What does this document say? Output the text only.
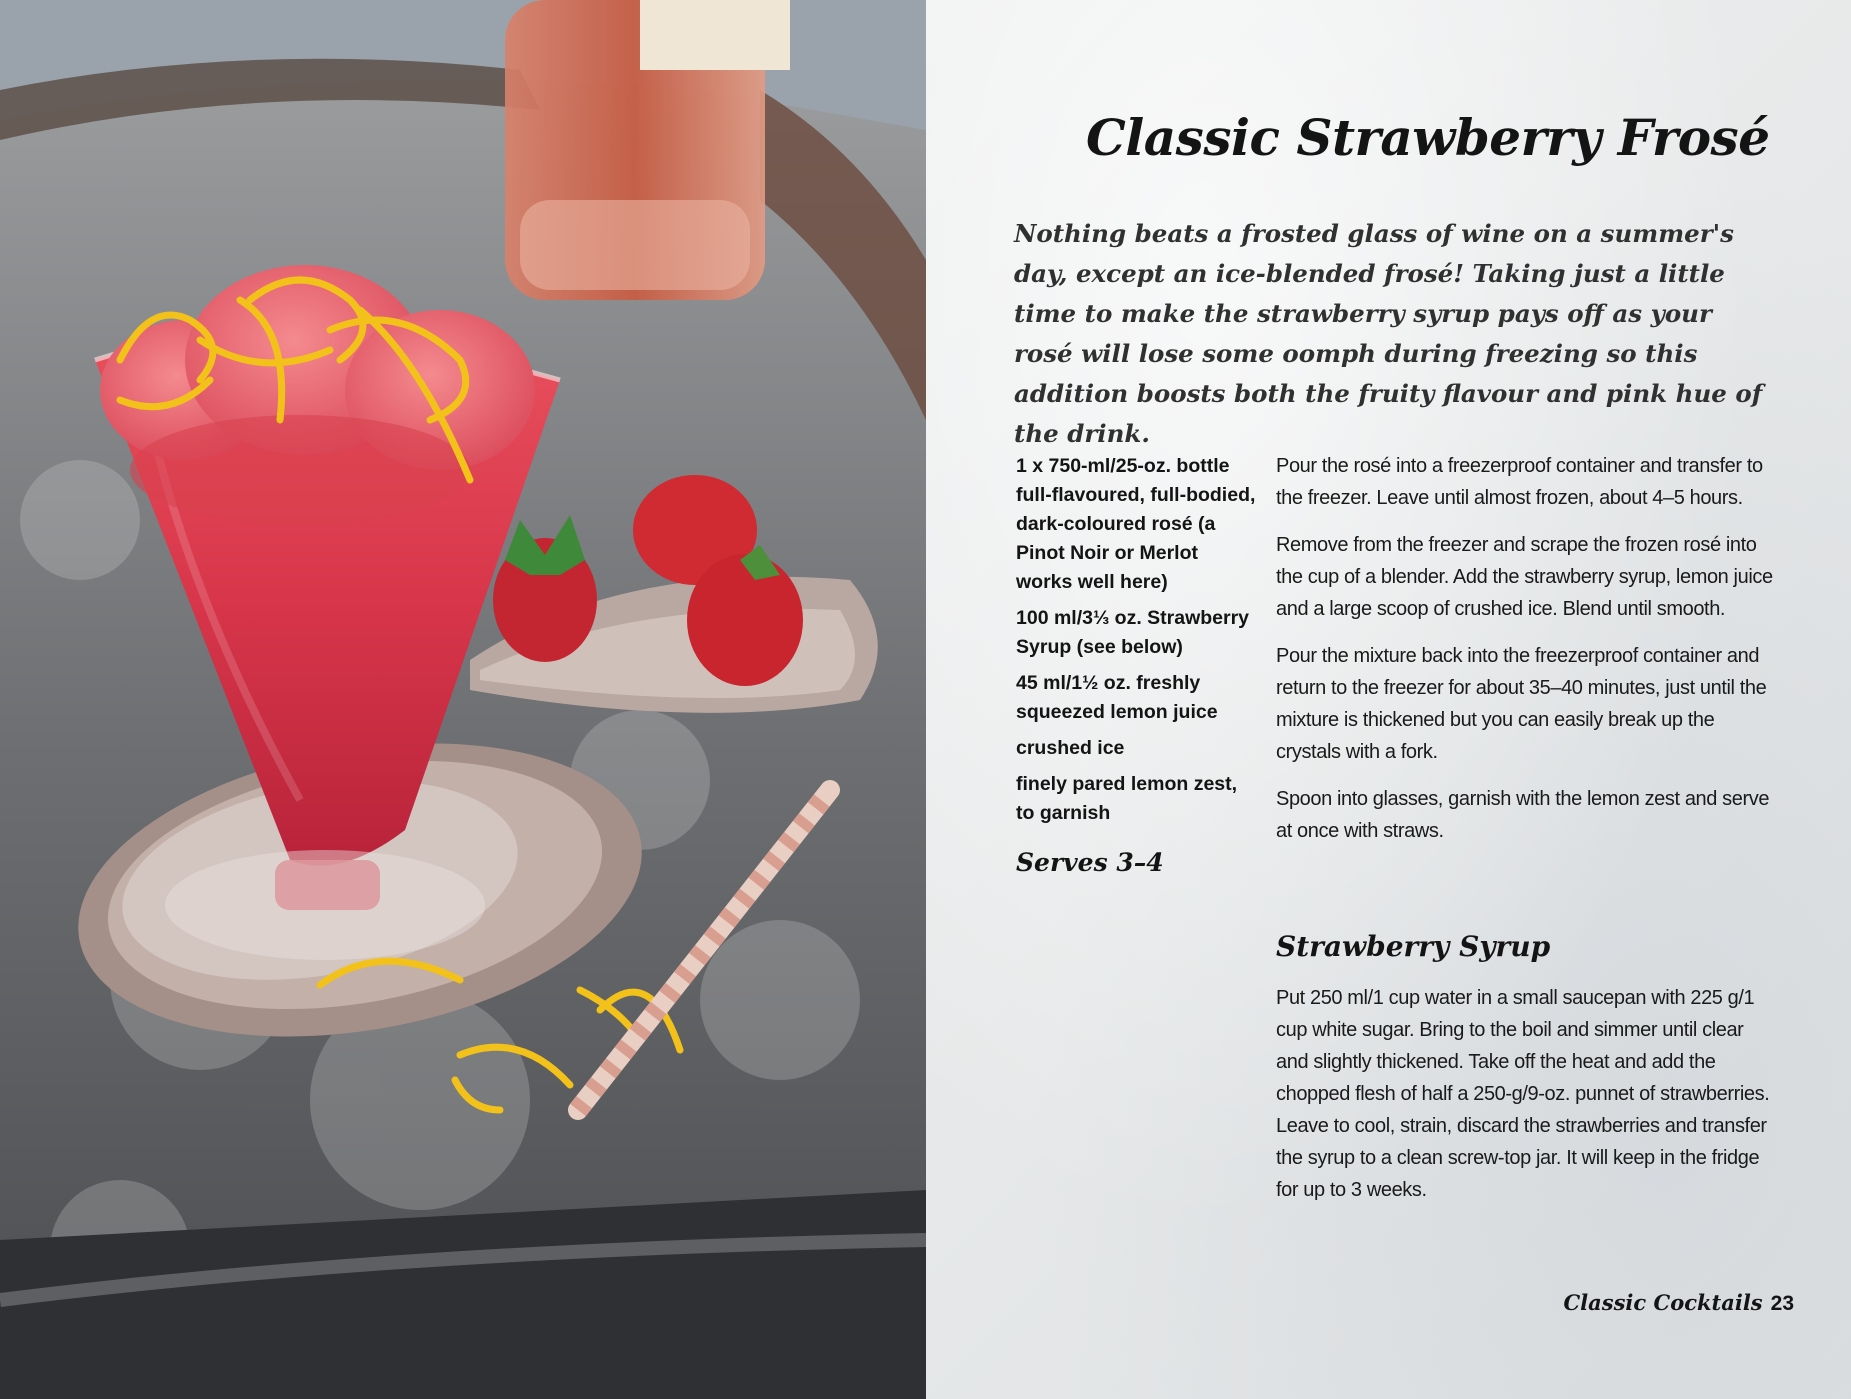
Classic Strawberry Frosé

Nothing beats a frosted glass of wine on a summer's day, except an ice-blended frosé! Taking just a little time to make the strawberry syrup pays off as your rosé will lose some oomph during freezing so this addition boosts both the fruity flavour and pink hue of the drink.

1 x 750-ml/25-oz. bottle full-flavoured, full-bodied, dark-coloured rosé (a Pinot Noir or Merlot works well here)
100 ml/3⅓ oz. Strawberry Syrup (see below)
45 ml/1½ oz. freshly squeezed lemon juice
crushed ice
finely pared lemon zest, to garnish
Serves 3–4

Pour the rosé into a freezerproof container and transfer to the freezer. Leave until almost frozen, about 4–5 hours.

Remove from the freezer and scrape the frozen rosé into the cup of a blender. Add the strawberry syrup, lemon juice and a large scoop of crushed ice. Blend until smooth.

Pour the mixture back into the freezerproof container and return to the freezer for about 35–40 minutes, just until the mixture is thickened but you can easily break up the crystals with a fork.

Spoon into glasses, garnish with the lemon zest and serve at once with straws.

Strawberry Syrup

Put 250 ml/1 cup water in a small saucepan with 225 g/1 cup white sugar. Bring to the boil and simmer until clear and slightly thickened. Take off the heat and add the chopped flesh of half a 250-g/9-oz. punnet of strawberries. Leave to cool, strain, discard the strawberries and transfer the syrup to a clean screw-top jar. It will keep in the fridge for up to 3 weeks.

Classic Cocktails 23
